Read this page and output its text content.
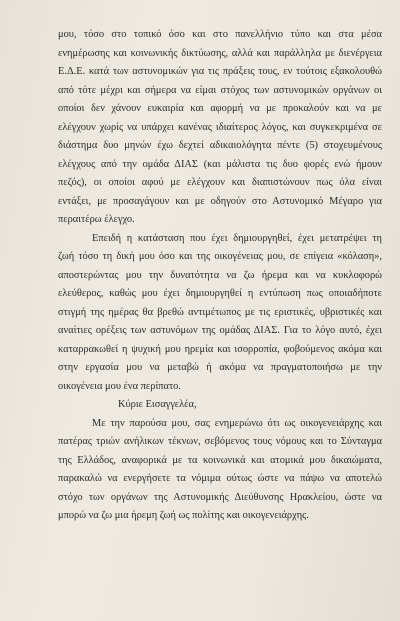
μου, τόσο στο τοπικό όσο και στο πανελλήνιο τύπο και στα μέσα
ενημέρωσης και κοινωνικής δικτύωσης, αλλά και παράλληλα με διενέργεια
Ε.Δ.Ε. κατά των αστυνομικών για τις πράξεις τους, εν τούτοις εξακολουθώ
από τότε μέχρι και σήμερα να είμαι στόχος των αστυνομικών οργάνων οι
οποίοι δεν χάνουν ευκαιρία και αφορμή να με προκαλούν και να με
ελέγχουν χωρίς να υπάρχει κανένας ιδιαίτερος λόγος, και συγκεκριμένα σε
διάστημα δυο μηνών έχω δεχτεί αδικαιολόγητα πέντε (5) στοχευμένους
ελέγχους από την ομάδα ΔΙΑΣ (και μάλιστα τις δυο φορές ενώ ήμουν
πεζός), οι οποίοι αφού με ελέγχουν και διαπιστώνουν πως όλα είναι
εντάξει, με προσαγάγουν και με οδηγούν στο Αστυνομικό Μέγαρο για
περαιτέρω έλεγχο.
Επειδή η κατάσταση που έχει δημιουργηθεί, έχει μετατρέψει τη
ζωή τόσο τη δική μου όσο και της οικογένειας μου, σε επίγεια «κόλαση»,
αποστερώντας μου την δυνατότητα να ζω ήρεμα και να κυκλοφορώ
ελεύθερος, καθώς μου έχει δημιουργηθεί η εντύπωση πως οποιαδήποτε
στιγμή της ημέρας θα βρεθώ αντιμέτωπος με τις εριστικές, υβριστικές και
αναίτιες ορέξεις των αστυνόμων της ομάδας ΔΙΑΣ. Για το λόγο αυτό, έχει
καταρρακωθεί η ψυχική μου ηρεμία και ισορροπία, φοβούμενος ακόμα και
στην εργασία μου να μεταβώ ή ακόμα να πραγματοποιήσω με την
οικογένεια μου ένα περίπατο.
Κύριε Εισαγγελέα,
Με την παρούσα μου, σας ενημερώνω ότι ως οικογενειάρχης και
πατέρας τριών ανήλικων τέκνων, σεβόμενος τους νόμους και το Σύνταγμα
της Ελλάδος, αναφορικά με τα κοινωνικά και ατομικά μου δικαιώματα,
παρακαλώ να ενεργήσετε τα νόμιμα ούτως ώστε να πάψω να αποτελώ
στόχο των οργάνων της Αστυνομικής Διεύθυνσης Ηρακλείου, ώστε να
μπορώ να ζω μια ήρεμη ζωή ως πολίτης και οικογενειάρχης.
